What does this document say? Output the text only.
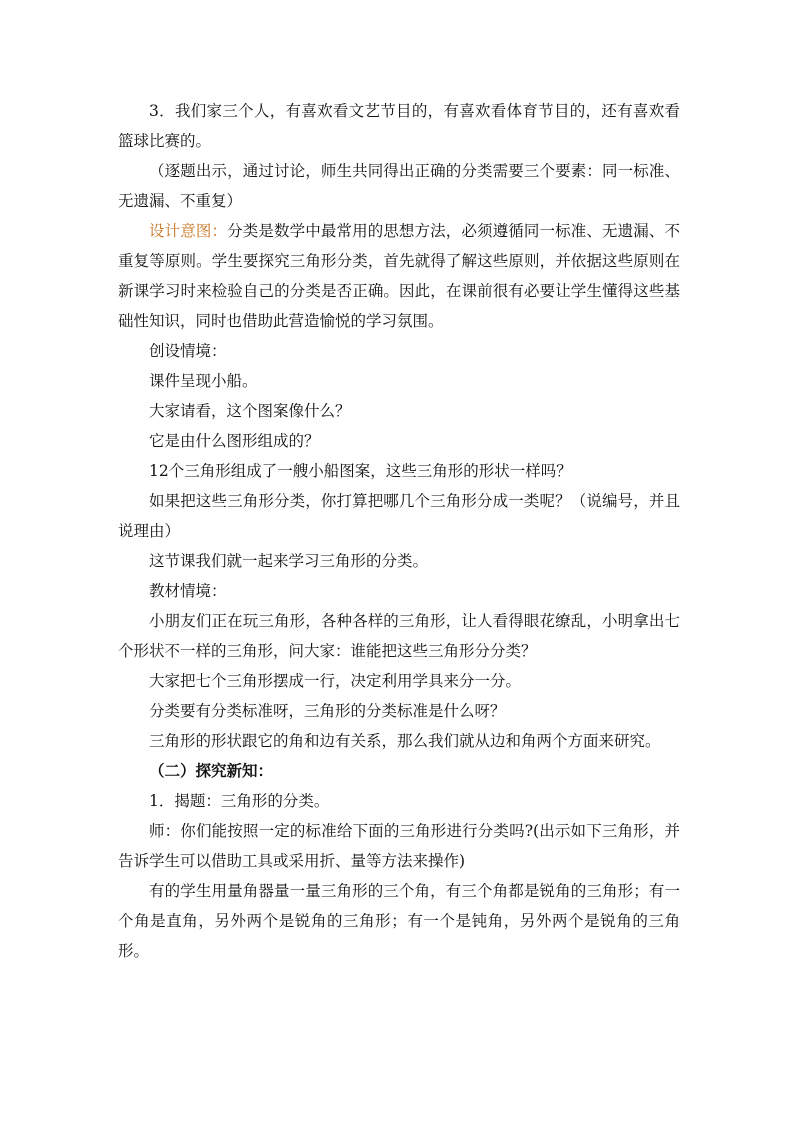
3．我们家三个人，有喜欢看文艺节目的，有喜欢看体育节目的，还有喜欢看篮球比赛的。

（逐题出示，通过讨论，师生共同得出正确的分类需要三个要素：同一标准、无遗漏、不重复）

设计意图：分类是数学中最常用的思想方法，必须遵循同一标准、无遗漏、不重复等原则。学生要探究三角形分类，首先就得了解这些原则，并依据这些原则在新课学习时来检验自己的分类是否正确。因此，在课前很有必要让学生懂得这些基础性知识，同时也借助此营造愉悦的学习氛围。

创设情境：

课件呈现小船。

大家请看，这个图案像什么？

它是由什么图形组成的？

12个三角形组成了一艘小船图案，这些三角形的形状一样吗？

如果把这些三角形分类，你打算把哪几个三角形分成一类呢？（说编号，并且说理由）

这节课我们就一起来学习三角形的分类。

教材情境：

小朋友们正在玩三角形，各种各样的三角形，让人看得眼花缭乱，小明拿出七个形状不一样的三角形，问大家：谁能把这些三角形分分类？

大家把七个三角形摆成一行，决定利用学具来分一分。

分类要有分类标准呀，三角形的分类标准是什么呀？

三角形的形状跟它的角和边有关系，那么我们就从边和角两个方面来研究。

（二）探究新知：

1．揭题：三角形的分类。

师：你们能按照一定的标准给下面的三角形进行分类吗?(出示如下三角形，并告诉学生可以借助工具或采用折、量等方法来操作)

有的学生用量角器量一量三角形的三个角，有三个角都是锐角的三角形；有一个角是直角，另外两个是锐角的三角形；有一个是钝角，另外两个是锐角的三角形。
